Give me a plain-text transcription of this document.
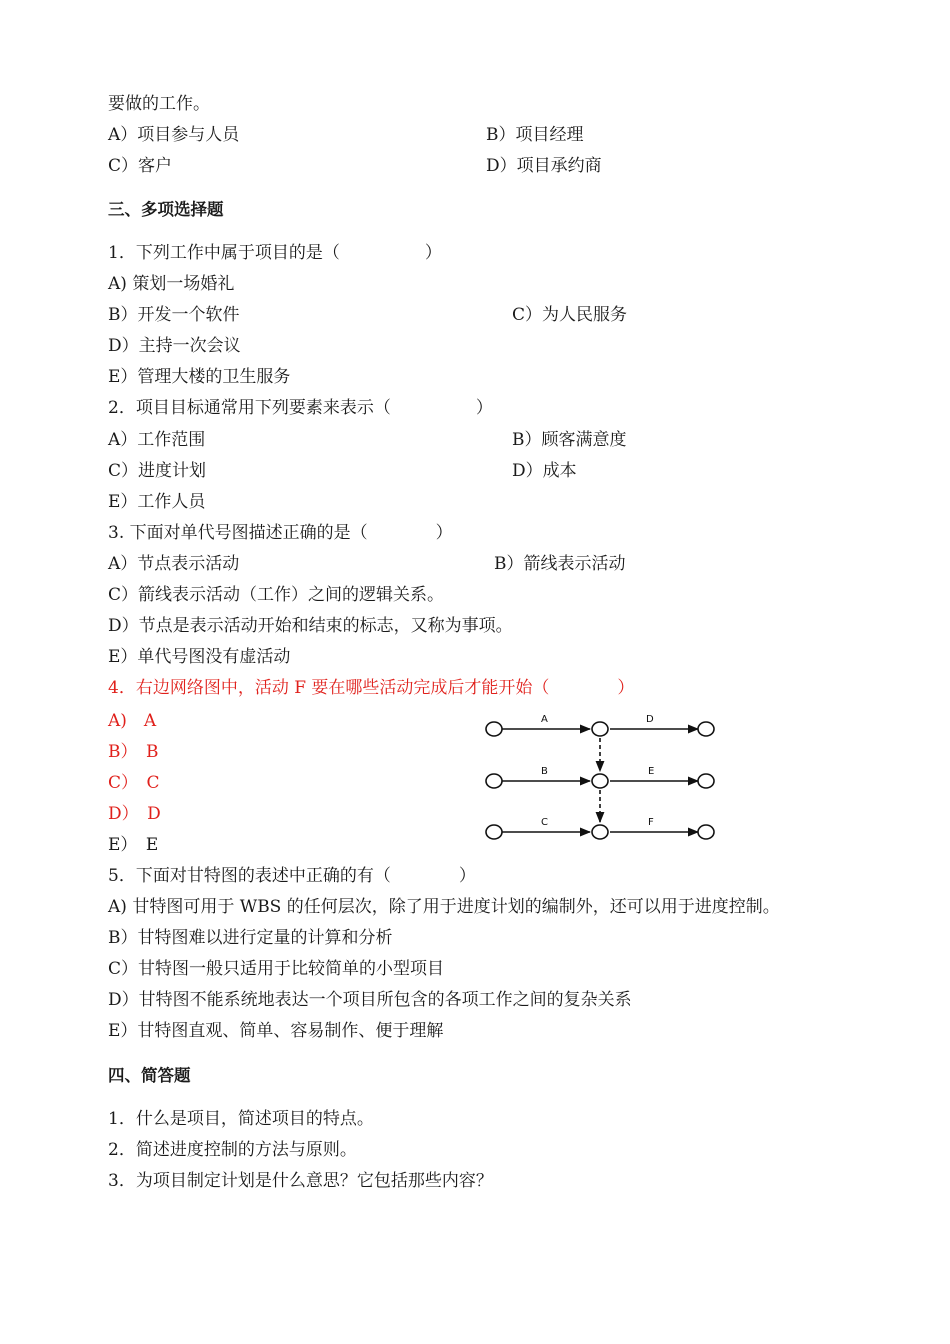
要做的工作。
A）项目参与人员	B）项目经理
C）客户	D）项目承约商
三、多项选择题
1．下列工作中属于项目的是（　　　　　）
A) 策划一场婚礼
B）开发一个软件	C）为人民服务
D）主持一次会议
E）管理大楼的卫生服务
2．项目目标通常用下列要素来表示（　　　　　）
A）工作范围	B）顾客满意度
C）进度计划	D）成本
E）工作人员
3. 下面对单代号图描述正确的是（　　　　）
A）节点表示活动	B）箭线表示活动
C）箭线表示活动（工作）之间的逻辑关系。
D）节点是表示活动开始和结束的标志，又称为事项。
E）单代号图没有虚活动
4．右边网络图中，活动 F 要在哪些活动完成后才能开始（　　　　）
A)　A
B）　B
C）　C
D）　D
E）　E
A	D
B	E
C	F
5．下面对甘特图的表述中正确的有（　　　　）
A) 甘特图可用于 WBS 的任何层次，除了用于进度计划的编制外，还可以用于进度控制。
B）甘特图难以进行定量的计算和分析
C）甘特图一般只适用于比较简单的小型项目
D）甘特图不能系统地表达一个项目所包含的各项工作之间的复杂关系
E）甘特图直观、简单、容易制作、便于理解
四、简答题
1．什么是项目，简述项目的特点。
2．简述进度控制的方法与原则。
3．为项目制定计划是什么意思？它包括那些内容？
